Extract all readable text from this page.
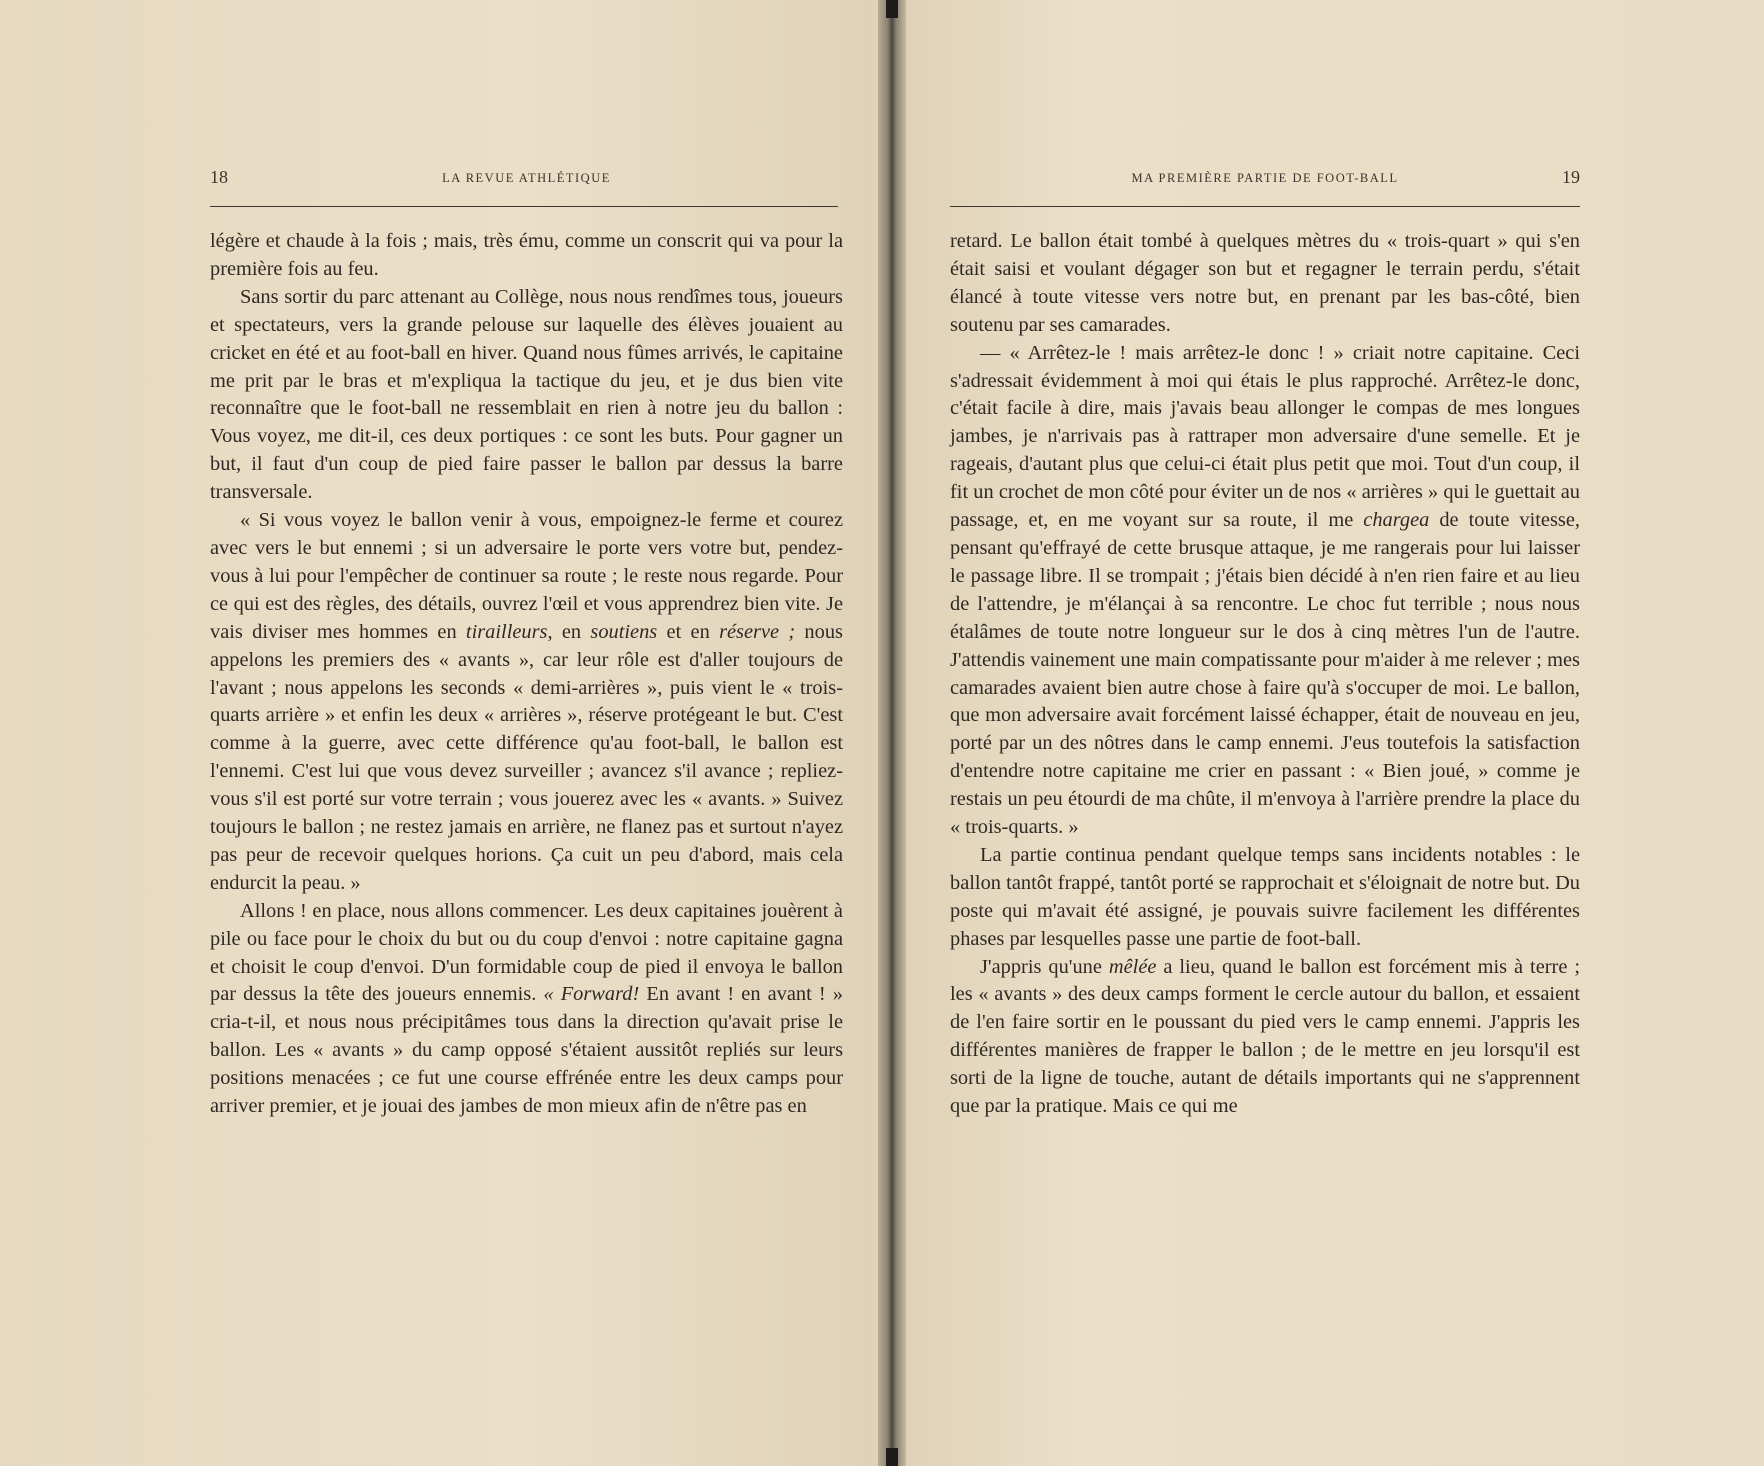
18	LA REVUE ATHLÉTIQUE

légère et chaude à la fois ; mais, très ému, comme un conscrit qui va pour la première fois au feu.

Sans sortir du parc attenant au Collège, nous nous rendîmes tous, joueurs et spectateurs, vers la grande pelouse sur laquelle des élèves jouaient au cricket en été et au foot-ball en hiver. Quand nous fûmes arrivés, le capitaine me prit par le bras et m'expliqua la tactique du jeu, et je dus bien vite reconnaître que le foot-ball ne ressemblait en rien à notre jeu du ballon : Vous voyez, me dit-il, ces deux portiques : ce sont les buts. Pour gagner un but, il faut d'un coup de pied faire passer le ballon par dessus la barre transversale.

« Si vous voyez le ballon venir à vous, empoignez-le ferme et courez avec vers le but ennemi ; si un adversaire le porte vers votre but, pendez-vous à lui pour l'empêcher de continuer sa route ; le reste nous regarde. Pour ce qui est des règles, des détails, ouvrez l'œil et vous apprendrez bien vite. Je vais diviser mes hommes en tirailleurs, en soutiens et en réserve ; nous appelons les premiers des « avants », car leur rôle est d'aller toujours de l'avant ; nous appelons les seconds « demi-arrières », puis vient le « trois-quarts arrière » et enfin les deux « arrières », réserve protégeant le but. C'est comme à la guerre, avec cette différence qu'au foot-ball, le ballon est l'ennemi. C'est lui que vous devez surveiller ; avancez s'il avance ; repliez-vous s'il est porté sur votre terrain ; vous jouerez avec les « avants. » Suivez toujours le ballon ; ne restez jamais en arrière, ne flanez pas et surtout n'ayez pas peur de recevoir quelques horions. Ça cuit un peu d'abord, mais cela endurcit la peau. »

Allons ! en place, nous allons commencer. Les deux capitaines jouèrent à pile ou face pour le choix du but ou du coup d'envoi : notre capitaine gagna et choisit le coup d'envoi. D'un formidable coup de pied il envoya le ballon par dessus la tête des joueurs ennemis. « Forward! En avant ! en avant ! » cria-t-il, et nous nous précipitâmes tous dans la direction qu'avait prise le ballon. Les « avants » du camp opposé s'étaient aussitôt repliés sur leurs positions menacées ; ce fut une course effrénée entre les deux camps pour arriver premier, et je jouai des jambes de mon mieux afin de n'être pas en

MA PREMIÈRE PARTIE DE FOOT-BALL	19

retard. Le ballon était tombé à quelques mètres du « trois-quart » qui s'en était saisi et voulant dégager son but et regagner le terrain perdu, s'était élancé à toute vitesse vers notre but, en prenant par les bas-côté, bien soutenu par ses camarades.

— « Arrêtez-le ! mais arrêtez-le donc ! » criait notre capitaine. Ceci s'adressait évidemment à moi qui étais le plus rapproché. Arrêtez-le donc, c'était facile à dire, mais j'avais beau allonger le compas de mes longues jambes, je n'arrivais pas à rattraper mon adversaire d'une semelle. Et je rageais, d'autant plus que celui-ci était plus petit que moi. Tout d'un coup, il fit un crochet de mon côté pour éviter un de nos « arrières » qui le guettait au passage, et, en me voyant sur sa route, il me chargea de toute vitesse, pensant qu'effrayé de cette brusque attaque, je me rangerais pour lui laisser le passage libre. Il se trompait ; j'étais bien décidé à n'en rien faire et au lieu de l'attendre, je m'élançai à sa rencontre. Le choc fut terrible ; nous nous étalâmes de toute notre longueur sur le dos à cinq mètres l'un de l'autre. J'attendis vainement une main compatissante pour m'aider à me relever ; mes camarades avaient bien autre chose à faire qu'à s'occuper de moi. Le ballon, que mon adversaire avait forcément laissé échapper, était de nouveau en jeu, porté par un des nôtres dans le camp ennemi. J'eus toutefois la satisfaction d'entendre notre capitaine me crier en passant : « Bien joué, » comme je restais un peu étourdi de ma chûte, il m'envoya à l'arrière prendre la place du « trois-quarts. »

La partie continua pendant quelque temps sans incidents notables : le ballon tantôt frappé, tantôt porté se rapprochait et s'éloignait de notre but. Du poste qui m'avait été assigné, je pouvais suivre facilement les différentes phases par lesquelles passe une partie de foot-ball.

J'appris qu'une mêlée a lieu, quand le ballon est forcément mis à terre ; les « avants » des deux camps forment le cercle autour du ballon, et essaient de l'en faire sortir en le poussant du pied vers le camp ennemi. J'appris les différentes manières de frapper le ballon ; de le mettre en jeu lorsqu'il est sorti de la ligne de touche, autant de détails importants qui ne s'apprennent que par la pratique. Mais ce qui me
